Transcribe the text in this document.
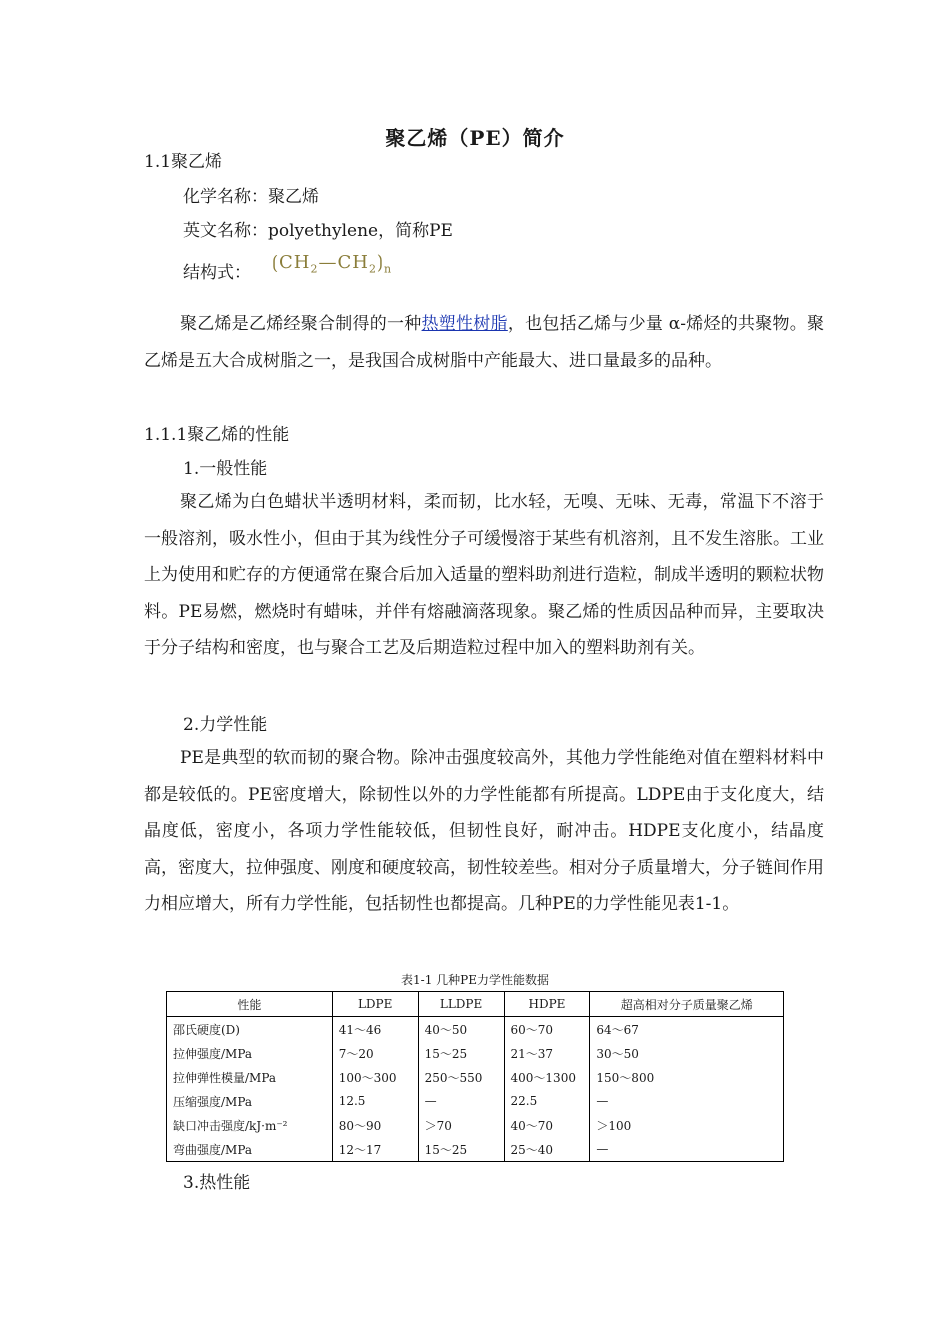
聚乙烯（PE）简介
1.1聚乙烯
化学名称：聚乙烯
英文名称：polyethylene，简称PE
结构式： $⟮CH_2—CH_2⟯_n$

聚乙烯是乙烯经聚合制得的一种热塑性树脂，也包括乙烯与少量 α-烯烃的共聚物。聚乙烯是五大合成树脂之一，是我国合成树脂中产能最大、进口量最多的品种。

1.1.1聚乙烯的性能
1.一般性能

聚乙烯为白色蜡状半透明材料，柔而韧，比水轻，无嗅、无味、无毒，常温下不溶于一般溶剂，吸水性小，但由于其为线性分子可缓慢溶于某些有机溶剂，且不发生溶胀。工业上为使用和贮存的方便通常在聚合后加入适量的塑料助剂进行造粒，制成半透明的颗粒状物料。PE易燃，燃烧时有蜡味，并伴有熔融滴落现象。聚乙烯的性质因品种而异，主要取决于分子结构和密度，也与聚合工艺及后期造粒过程中加入的塑料助剂有关。

2.力学性能

PE是典型的软而韧的聚合物。除冲击强度较高外，其他力学性能绝对值在塑料材料中都是较低的。PE密度增大，除韧性以外的力学性能都有所提高。LDPE由于支化度大，结晶度低，密度小，各项力学性能较低，但韧性良好，耐冲击。HDPE支化度小，结晶度高，密度大，拉伸强度、刚度和硬度较高，韧性较差些。相对分子质量增大，分子链间作用力相应增大，所有力学性能，包括韧性也都提高。几种PE的力学性能见表1-1。

表1-1 几种PE力学性能数据
性能	LDPE	LLDPE	HDPE	超高相对分子质量聚乙烯
邵氏硬度(D)	41～46	40～50	60～70	64～67
拉伸强度/MPa	7～20	15～25	21～37	30～50
拉伸弹性模量/MPa	100～300	250～550	400～1300	150～800
压缩强度/MPa	12.5	—	22.5	—
缺口冲击强度/kJ·m⁻²	80～90	＞70	40～70	＞100
弯曲强度/MPa	12～17	15～25	25～40	—
3.热性能
